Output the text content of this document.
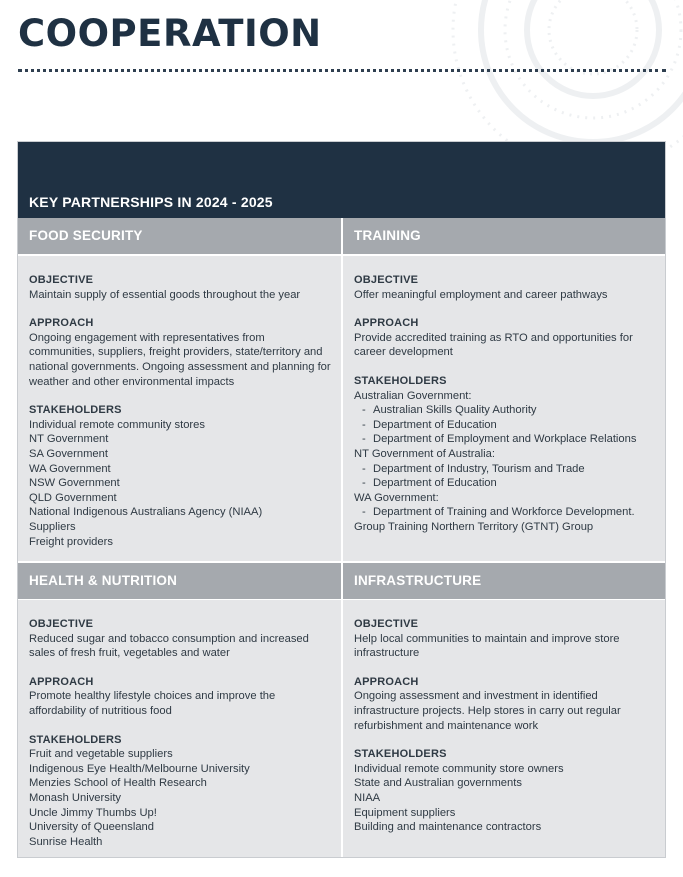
COOPERATION
KEY PARTNERSHIPS IN 2024 - 2025
FOOD SECURITY	TRAINING
OBJECTIVE
Maintain supply of essential goods throughout the year
APPROACH
Ongoing engagement with representatives from communities, suppliers, freight providers, state/territory and national governments. Ongoing assessment and planning for weather and other environmental impacts
STAKEHOLDERS
Individual remote community stores
NT Government
SA Government
WA Government
NSW Government
QLD Government
National Indigenous Australians Agency (NIAA)
Suppliers
Freight providers
OBJECTIVE
Offer meaningful employment and career pathways
APPROACH
Provide accredited training as RTO and opportunities for career development
STAKEHOLDERS
Australian Government:
- Australian Skills Quality Authority
- Department of Education
- Department of Employment and Workplace Relations
NT Government of Australia:
- Department of Industry, Tourism and Trade
- Department of Education
WA Government:
- Department of Training and Workforce Development.
Group Training Northern Territory (GTNT) Group
HEALTH & NUTRITION	INFRASTRUCTURE
OBJECTIVE
Reduced sugar and tobacco consumption and increased sales of fresh fruit, vegetables and water
APPROACH
Promote healthy lifestyle choices and improve the affordability of nutritious food
STAKEHOLDERS
Fruit and vegetable suppliers
Indigenous Eye Health/Melbourne University
Menzies School of Health Research
Monash University
Uncle Jimmy Thumbs Up!
University of Queensland
Sunrise Health
OBJECTIVE
Help local communities to maintain and improve store infrastructure
APPROACH
Ongoing assessment and investment in identified infrastructure projects. Help stores in carry out regular refurbishment and maintenance work
STAKEHOLDERS
Individual remote community store owners
State and Australian governments
NIAA
Equipment suppliers
Building and maintenance contractors
